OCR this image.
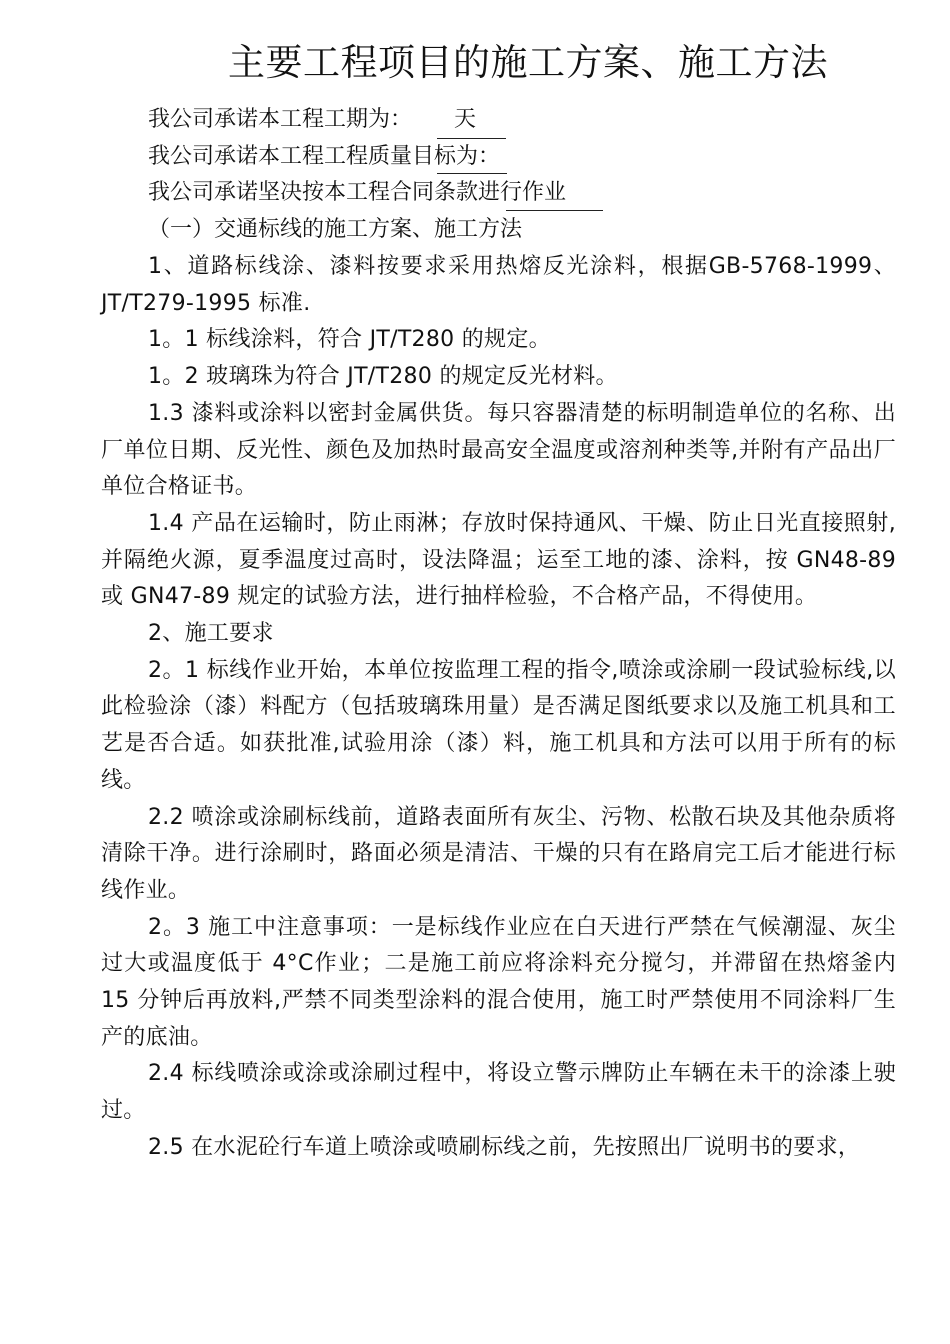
主要工程项目的施工方案、施工方法

我公司承诺本工程工期为： 天

我公司承诺本工程工程质量目标为：

我公司承诺坚决按本工程合同条款进行作业

（一）交通标线的施工方案、施工方法

1、道路标线涂、漆料按要求采用热熔反光涂料，根据GB-5768-1999、JT/T279-1995 标准.

1。1 标线涂料，符合 JT/T280 的规定。

1。2 玻璃珠为符合 JT/T280 的规定反光材料。

1.3 漆料或涂料以密封金属供货。每只容器清楚的标明制造单位的名称、出厂单位日期、反光性、颜色及加热时最高安全温度或溶剂种类等,并附有产品出厂单位合格证书。

1.4 产品在运输时，防止雨淋；存放时保持通风、干燥、防止日光直接照射,并隔绝火源，夏季温度过高时，设法降温；运至工地的漆、涂料，按 GN48-89 或 GN47-89 规定的试验方法，进行抽样检验，不合格产品，不得使用。

2、施工要求

2。1 标线作业开始，本单位按监理工程的指令,喷涂或涂刷一段试验标线,以此检验涂（漆）料配方（包括玻璃珠用量）是否满足图纸要求以及施工机具和工艺是否合适。如获批准,试验用涂（漆）料，施工机具和方法可以用于所有的标线。

2.2 喷涂或涂刷标线前，道路表面所有灰尘、污物、松散石块及其他杂质将清除干净。进行涂刷时，路面必须是清洁、干燥的只有在路肩完工后才能进行标线作业。

2。3 施工中注意事项：一是标线作业应在白天进行严禁在气候潮湿、灰尘过大或温度低于 4°C作业；二是施工前应将涂料充分搅匀，并滞留在热熔釜内 15 分钟后再放料,严禁不同类型涂料的混合使用，施工时严禁使用不同涂料厂生产的底油。

2.4 标线喷涂或涂或涂刷过程中，将设立警示牌防止车辆在未干的涂漆上驶过。

2.5 在水泥砼行车道上喷涂或喷刷标线之前，先按照出厂说明书的要求，
